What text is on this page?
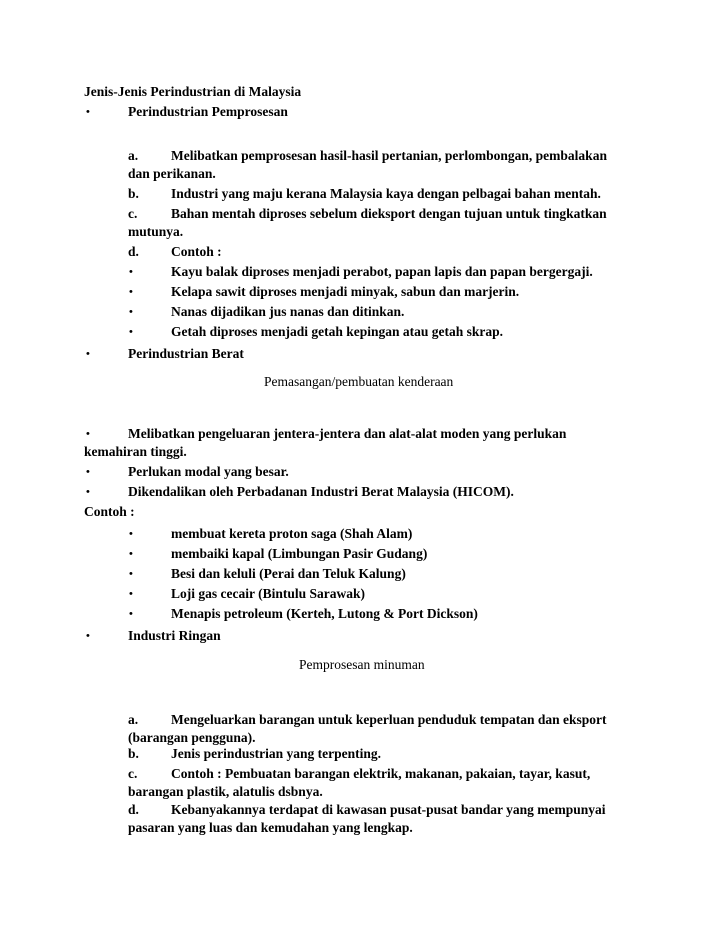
Jenis-Jenis Perindustrian di Malaysia
•	Perindustrian Pemprosesan
a. Melibatkan pemprosesan hasil-hasil pertanian, perlombongan, pembalakan
dan perikanan.
b. Industri yang maju kerana Malaysia kaya dengan pelbagai bahan mentah.
c. Bahan mentah diproses sebelum dieksport dengan tujuan untuk tingkatkan
mutunya.
d. Contoh :
•	Kayu balak diproses menjadi perabot, papan lapis dan papan bergergaji.
•	Kelapa sawit diproses menjadi minyak, sabun dan marjerin.
•	Nanas dijadikan jus nanas dan ditinkan.
•	Getah diproses menjadi getah kepingan atau getah skrap.
•	Perindustrian Berat
Pemasangan/pembuatan kenderaan
•	Melibatkan pengeluaran jentera-jentera dan alat-alat moden yang perlukan
kemahiran tinggi.
•	Perlukan modal yang besar.
•	Dikendalikan oleh Perbadanan Industri Berat Malaysia (HICOM).
Contoh :
•	membuat kereta proton saga (Shah Alam)
•	membaiki kapal (Limbungan Pasir Gudang)
•	Besi dan keluli (Perai dan Teluk Kalung)
•	Loji gas cecair (Bintulu Sarawak)
•	Menapis petroleum (Kerteh, Lutong & Port Dickson)
•	Industri Ringan
Pemprosesan minuman
a. Mengeluarkan barangan untuk keperluan penduduk tempatan dan eksport
(barangan pengguna).
b. Jenis perindustrian yang terpenting.
c. Contoh : Pembuatan barangan elektrik, makanan, pakaian, tayar, kasut,
barangan plastik, alatulis dsbnya.
d. Kebanyakannya terdapat di kawasan pusat-pusat bandar yang mempunyai
pasaran yang luas dan kemudahan yang lengkap.
